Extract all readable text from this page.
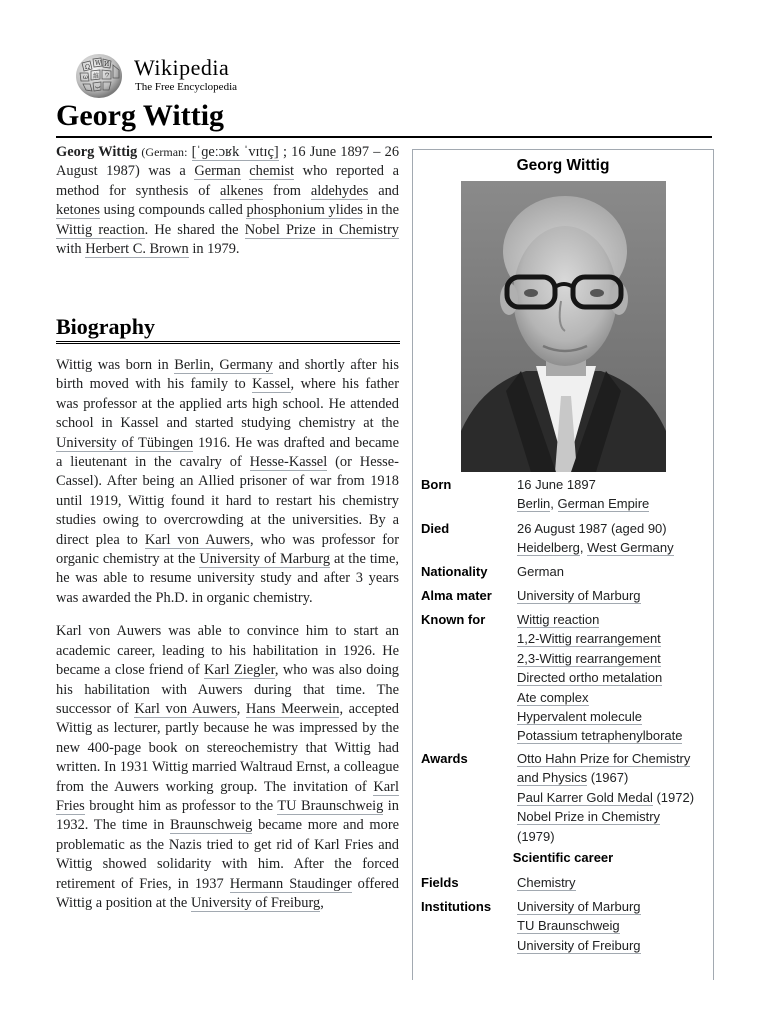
Ω
W И
維 ウ
ω
ب
Wikipedia
The Free Encyclopedia
Georg Wittig

Georg Wittig (German: [ˈɡeːɔʁk ˈvɪtɪç] ; 16 June 1897 – 26 August 1987) was a German chemist who reported a method for synthesis of alkenes from aldehydes and ketones using compounds called phosphonium ylides in the Wittig reaction. He shared the Nobel Prize in Chemistry with Herbert C. Brown in 1979.

Biography

Wittig was born in Berlin, Germany and shortly after his birth moved with his family to Kassel, where his father was professor at the applied arts high school. He attended school in Kassel and started studying chemistry at the University of Tübingen 1916. He was drafted and became a lieutenant in the cavalry of Hesse-Kassel (or Hesse-Cassel). After being an Allied prisoner of war from 1918 until 1919, Wittig found it hard to restart his chemistry studies owing to overcrowding at the universities. By a direct plea to Karl von Auwers, who was professor for organic chemistry at the University of Marburg at the time, he was able to resume university study and after 3 years was awarded the Ph.D. in organic chemistry.

Karl von Auwers was able to convince him to start an academic career, leading to his habilitation in 1926. He became a close friend of Karl Ziegler, who was also doing his habilitation with Auwers during that time. The successor of Karl von Auwers, Hans Meerwein, accepted Wittig as lecturer, partly because he was impressed by the new 400-page book on stereochemistry that Wittig had written. In 1931 Wittig married Waltraud Ernst, a colleague from the Auwers working group. The invitation of Karl Fries brought him as professor to the TU Braunschweig in 1932. The time in Braunschweig became more and more problematic as the Nazis tried to get rid of Karl Fries and Wittig showed solidarity with him. After the forced retirement of Fries, in 1937 Hermann Staudinger offered Wittig a position at the University of Freiburg,

Georg Wittig
Born	16 June 1897
Berlin, German Empire
Died	26 August 1987 (aged 90)
Heidelberg, West Germany
Nationality	German
Alma mater	University of Marburg
Known for	Wittig reaction
1,2-Wittig rearrangement
2,3-Wittig rearrangement
Directed ortho metalation
Ate complex
Hypervalent molecule
Potassium tetraphenylborate
Awards	Otto Hahn Prize for Chemistry
and Physics (1967)
Paul Karrer Gold Medal (1972)
Nobel Prize in Chemistry
(1979)
Scientific career
Fields	Chemistry
Institutions	University of Marburg
TU Braunschweig
University of Freiburg
